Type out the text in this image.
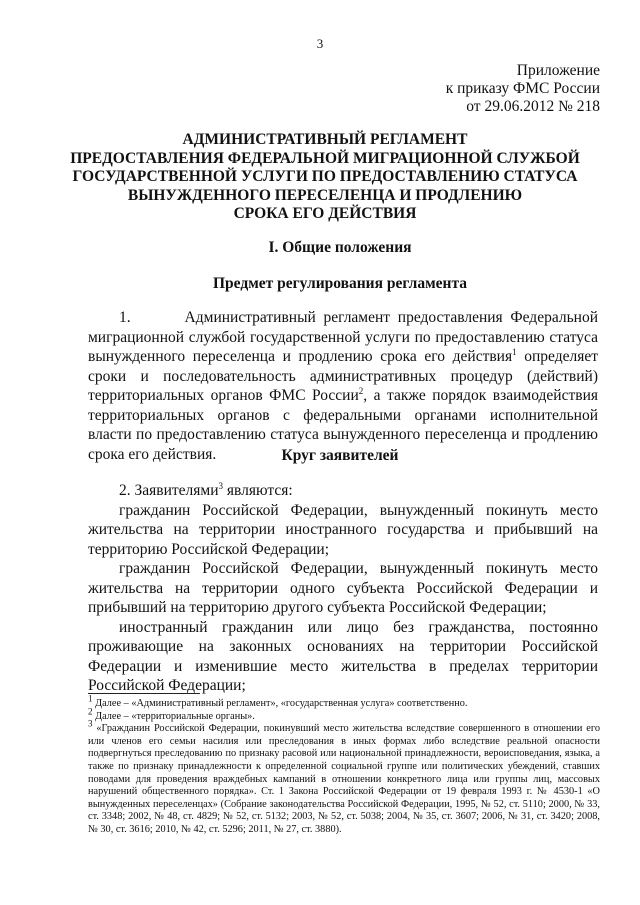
3
Приложение
к приказу ФМС России
от 29.06.2012 № 218
АДМИНИСТРАТИВНЫЙ РЕГЛАМЕНТ
ПРЕДОСТАВЛЕНИЯ ФЕДЕРАЛЬНОЙ МИГРАЦИОННОЙ СЛУЖБОЙ
ГОСУДАРСТВЕННОЙ УСЛУГИ ПО ПРЕДОСТАВЛЕНИЮ СТАТУСА
ВЫНУЖДЕННОГО ПЕРЕСЕЛЕНЦА И ПРОДЛЕНИЮ
СРОКА ЕГО ДЕЙСТВИЯ
I. Общие положения
Предмет регулирования регламента

1.       Административный регламент предоставления Федеральной миграционной службой государственной услуги по предоставлению статуса вынужденного переселенца и продлению срока его действия$^1$ определяет сроки и последовательность административных процедур (действий) территориальных органов ФМС России$^2$, а также порядок взаимодействия территориальных органов с федеральными органами исполнительной власти по предоставлению статуса вынужденного переселенца и продлению срока его действия.	Круг заявителей

2. Заявителями$^3$ являются:

гражданин Российской Федерации, вынужденный покинуть место жительства на территории иностранного государства и прибывший на территорию Российской Федерации;

гражданин Российской Федерации, вынужденный покинуть место жительства на территории одного субъекта Российской Федерации и прибывший на территорию другого субъекта Российской Федерации;

иностранный гражданин или лицо без гражданства, постоянно проживающие на законных основаниях на территории Российской Федерации и изменившие место жительства в пределах территории Российской Федерации;

$^1$ Далее – «Административный регламент», «государственная услуга» соответственно.

$^2$ Далее – «территориальные органы».

$^3$ «Гражданин Российской Федерации, покинувший место жительства вследствие совершенного в отношении его или членов его семьи насилия или преследования в иных формах либо вследствие реальной опасности подвергнуться преследованию по признаку расовой или национальной принадлежности, вероисповедания, языка, а также по признаку принадлежности к определенной социальной группе или политических убеждений, ставших поводами для проведения враждебных кампаний в отношении конкретного лица или группы лиц, массовых нарушений общественного порядка». Ст. 1 Закона Российской Федерации от 19 февраля 1993 г. № 4530-1 «О вынужденных переселенцах» (Собрание законодательства Российской Федерации, 1995, № 52, ст. 5110; 2000, № 33, ст. 3348; 2002, № 48, ст. 4829; № 52, ст. 5132; 2003, № 52, ст. 5038; 2004, № 35, ст. 3607; 2006, № 31, ст. 3420; 2008, № 30, ст. 3616; 2010, № 42, ст. 5296; 2011, № 27, ст. 3880).
